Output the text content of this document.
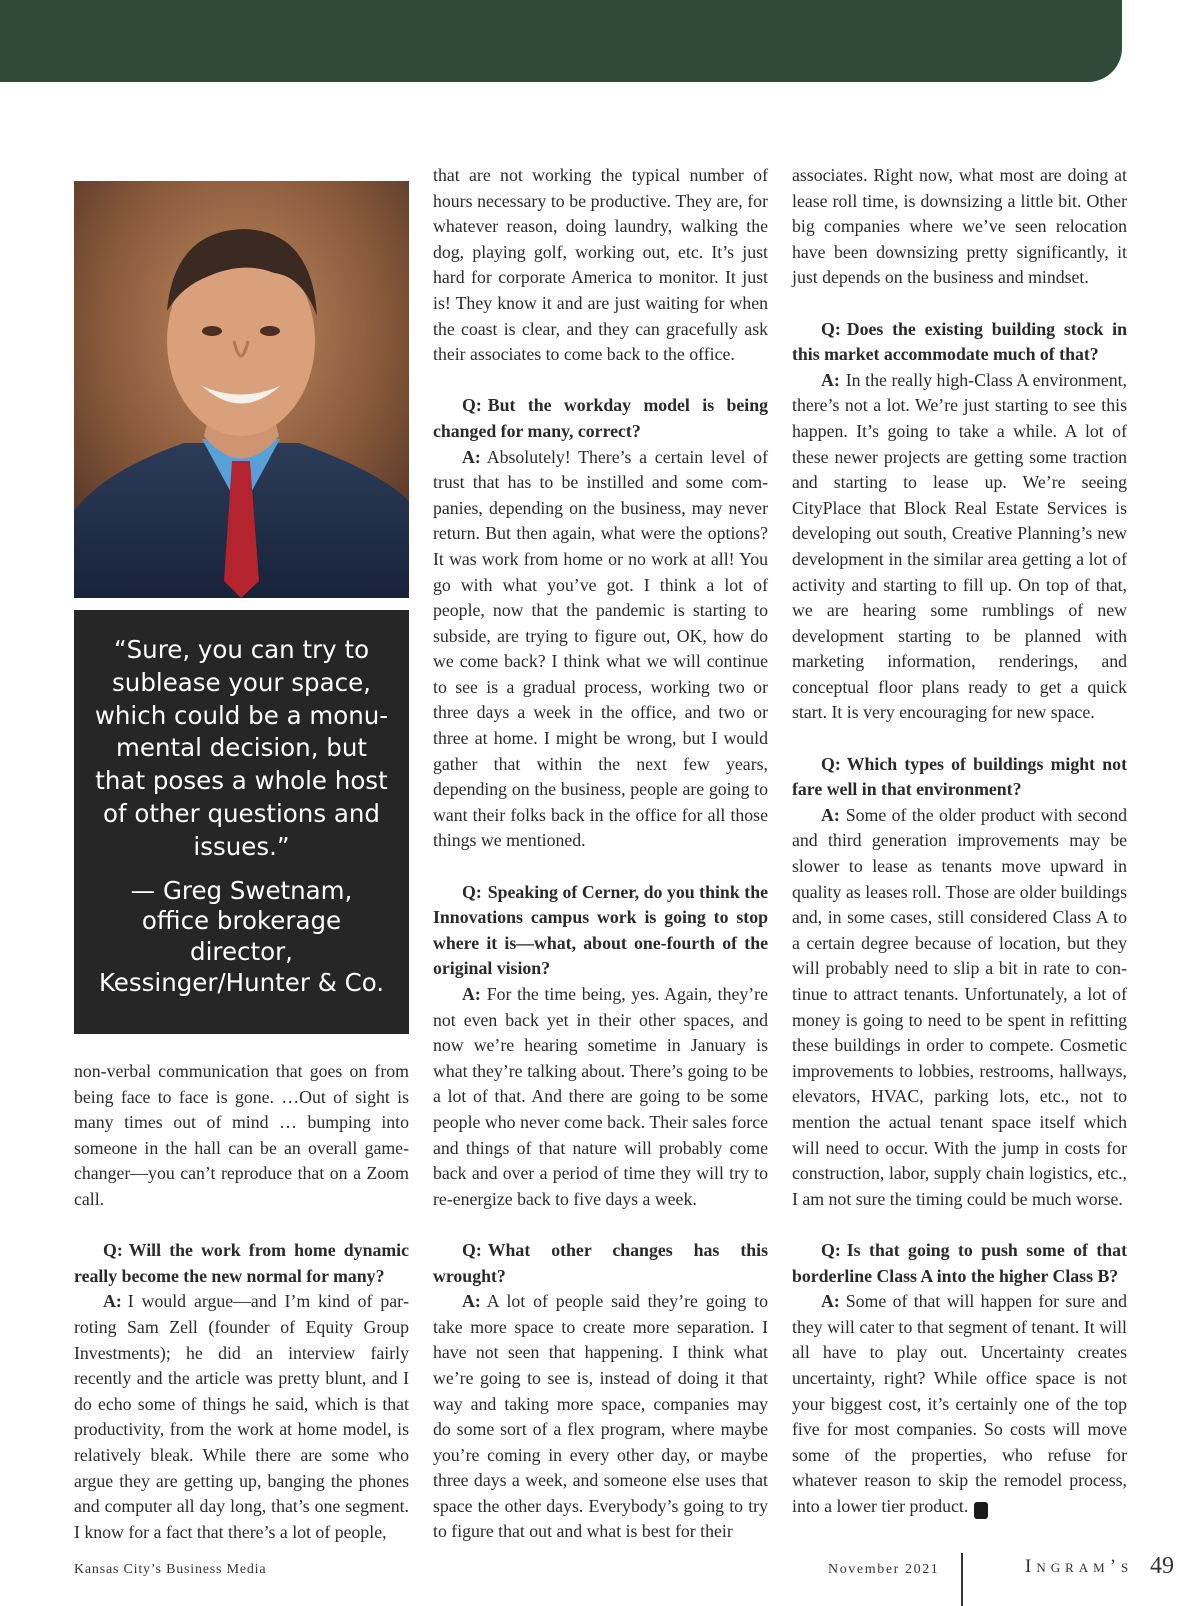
“Sure, you can try to sublease your space, which could be a monumental decision, but that poses a whole host of other questions and issues.”
— Greg Swetnam,
office brokerage director,
Kessinger/Hunter & Co.

non-verbal communication that goes on from being face to face is gone. …Out of sight is many times out of mind … bumping into someone in the hall can be an overall game-changer—you can’t reproduce that on a Zoom call.

Q: Will the work from home dynamic really become the new normal for many?

A: I would argue—and I’m kind of parroting Sam Zell (founder of Equity Group Investments); he did an interview fairly recently and the article was pretty blunt, and I do echo some of things he said, which is that productivity, from the work at home model, is relatively bleak. While there are some who argue they are getting up, banging the phones and computer all day long, that’s one segment. I know for a fact that there’s a lot of people,

that are not working the typical number of hours necessary to be productive. They are, for whatever reason, doing laundry, walking the dog, playing golf, working out, etc. It’s just hard for corporate America to monitor. It just is! They know it and are just waiting for when the coast is clear, and they can gracefully ask their associates to come back to the office.

Q: But the workday model is being changed for many, correct?

A: Absolutely! There’s a certain level of trust that has to be instilled and some companies, depending on the business, may never return. But then again, what were the options? It was work from home or no work at all! You go with what you’ve got. I think a lot of people, now that the pandemic is starting to subside, are trying to figure out, OK, how do we come back? I think what we will continue to see is a gradual process, working two or three days a week in the office, and two or three at home. I might be wrong, but I would gather that within the next few years, depending on the business, people are going to want their folks back in the office for all those things we mentioned.

Q: Speaking of Cerner, do you think the Innovations campus work is going to stop where it is—what, about one-fourth of the original vision?

A: For the time being, yes. Again, they’re not even back yet in their other spaces, and now we’re hearing sometime in January is what they’re talking about. There’s going to be a lot of that. And there are going to be some people who never come back. Their sales force and things of that nature will probably come back and over a period of time they will try to re-energize back to five days a week.

Q: What other changes has this wrought?

A: A lot of people said they’re going to take more space to create more separation. I have not seen that happening. I think what we’re going to see is, instead of doing it that way and taking more space, companies may do some sort of a flex program, where maybe you’re coming in every other day, or maybe three days a week, and someone else uses that space the other days. Everybody’s going to try to figure that out and what is best for their

associates. Right now, what most are doing at lease roll time, is downsizing a little bit. Other big companies where we’ve seen relocation have been downsizing pretty significantly, it just depends on the business and mindset.

Q: Does the existing building stock in this market accommodate much of that?

A: In the really high-Class A environment, there’s not a lot. We’re just starting to see this happen. It’s going to take a while. A lot of these newer projects are getting some traction and starting to lease up. We’re seeing CityPlace that Block Real Estate Services is developing out south, Creative Planning’s new development in the similar area getting a lot of activity and starting to fill up. On top of that, we are hearing some rumblings of new development starting to be planned with marketing information, renderings, and conceptual floor plans ready to get a quick start. It is very encouraging for new space.

Q: Which types of buildings might not fare well in that environment?

A: Some of the older product with second and third generation improvements may be slower to lease as tenants move upward in quality as leases roll. Those are older buildings and, in some cases, still considered Class A to a certain degree because of location, but they will probably need to slip a bit in rate to continue to attract tenants. Unfortunately, a lot of money is going to need to be spent in refitting these buildings in order to compete. Cosmetic improvements to lobbies, restrooms, hallways, elevators, HVAC, parking lots, etc., not to mention the actual tenant space itself which will need to occur. With the jump in costs for construction, labor, supply chain logistics, etc., I am not sure the timing could be much worse.

Q: Is that going to push some of that borderline Class A into the higher Class B?

A: Some of that will happen for sure and they will cater to that segment of tenant. It will all have to play out. Uncertainty creates uncertainty, right? While office space is not your biggest cost, it’s certainly one of the top five for most companies. So costs will move some of the properties, who refuse for whatever reason to skip the remodel process, into a lower tier product.	I

Kansas City’s Business Media	November 2021	Ingram’s 49
